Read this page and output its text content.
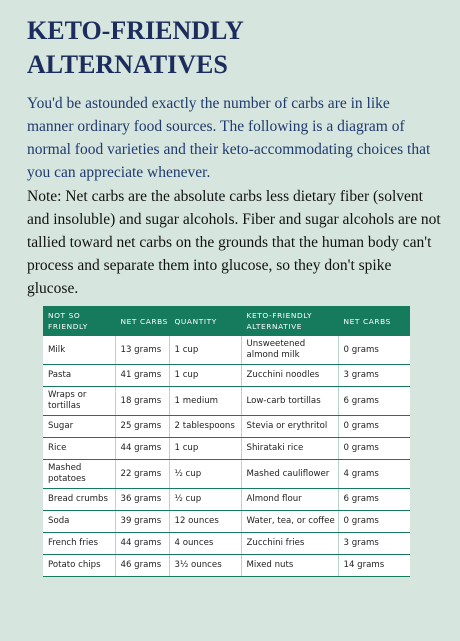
KETO-FRIENDLY ALTERNATIVES

You'd be astounded exactly the number of carbs are in like manner ordinary food sources. The following is a diagram of normal food varieties and their keto-accommodating choices that you can appreciate whenever.

Note: Net carbs are the absolute carbs less dietary fiber (solvent and insoluble) and sugar alcohols. Fiber and sugar alcohols are not tallied toward net carbs on the grounds that the human body can't process and separate them into glucose, so they don't spike glucose.

NOT SO FRIENDLY	NET CARBS	QUANTITY	KETO-FRIENDLY ALTERNATIVE	NET CARBS
Milk	13 grams	1 cup	Unsweetened almond milk	0 grams
Pasta	41 grams	1 cup	Zucchini noodles	3 grams
Wraps or tortillas	18 grams	1 medium	Low-carb tortillas	6 grams
Sugar	25 grams	2 tablespoons	Stevia or erythritol	0 grams
Rice	44 grams	1 cup	Shirataki rice	0 grams
Mashed potatoes	22 grams	½ cup	Mashed cauliflower	4 grams
Bread crumbs	36 grams	½ cup	Almond flour	6 grams
Soda	39 grams	12 ounces	Water, tea, or coffee	0 grams
French fries	44 grams	4 ounces	Zucchini fries	3 grams
Potato chips	46 grams	3½ ounces	Mixed nuts	14 grams
